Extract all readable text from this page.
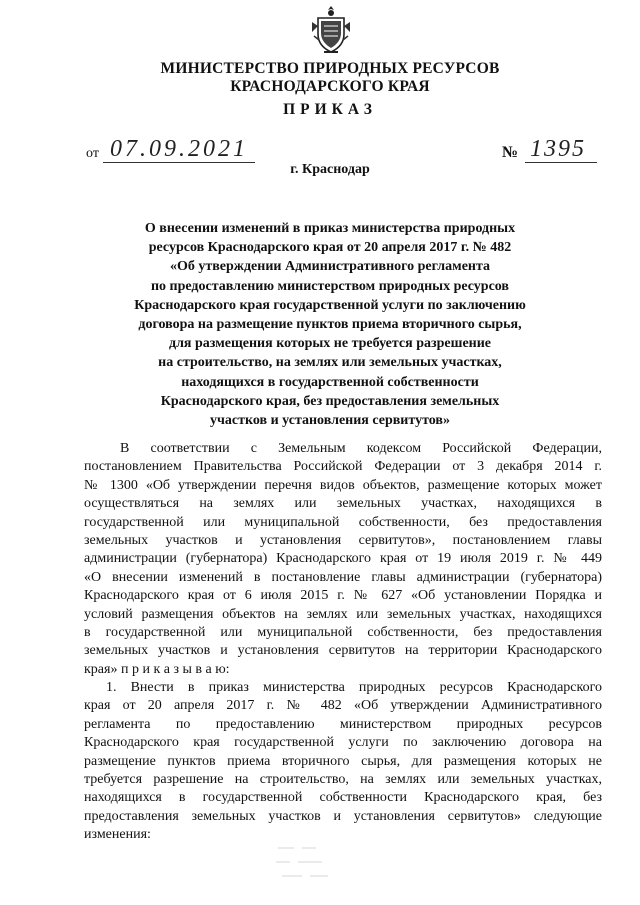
МИНИСТЕРСТВО ПРИРОДНЫХ РЕСУРСОВ
КРАСНОДАРСКОГО КРАЯ
ПРИКАЗ
от 07.09.2021	№ 1395
г. Краснодар
О внесении изменений в приказ министерства природных
ресурсов Краснодарского края от 20 апреля 2017 г. № 482
«Об утверждении Административного регламента
по предоставлению министерством природных ресурсов
Краснодарского края государственной услуги по заключению
договора на размещение пунктов приема вторичного сырья,
для размещения которых не требуется разрешение
на строительство, на землях или земельных участках,
находящихся в государственной собственности
Краснодарского края, без предоставления земельных
участков и установления сервитутов»
В соответствии с Земельным кодексом Российской Федерации,
постановлением Правительства Российской Федерации от 3 декабря 2014 г.
№ 1300 «Об утверждении перечня видов объектов, размещение которых может
осуществляться на землях или земельных участках, находящихся в
государственной или муниципальной собственности, без предоставления
земельных участков и установления сервитутов», постановлением главы
администрации (губернатора) Краснодарского края от 19 июля 2019 г. № 449
«О внесении изменений в постановление главы администрации (губернатора)
Краснодарского края от 6 июля 2015 г. № 627 «Об установлении Порядка и
условий размещения объектов на землях или земельных участках, находящихся
в государственной или муниципальной собственности, без предоставления
земельных участков и установления сервитутов на территории Краснодарского
края» п р и к а з ы в а ю:
1. Внести в приказ министерства природных ресурсов Краснодарского
края от 20 апреля 2017 г. № 482 «Об утверждении Административного
регламента по предоставлению министерством природных ресурсов
Краснодарского края государственной услуги по заключению договора на
размещение пунктов приема вторичного сырья, для размещения которых не
требуется разрешение на строительство, на землях или земельных участках,
находящихся в государственной собственности Краснодарского края, без
предоставления земельных участков и установления сервитутов» следующие
изменения:
